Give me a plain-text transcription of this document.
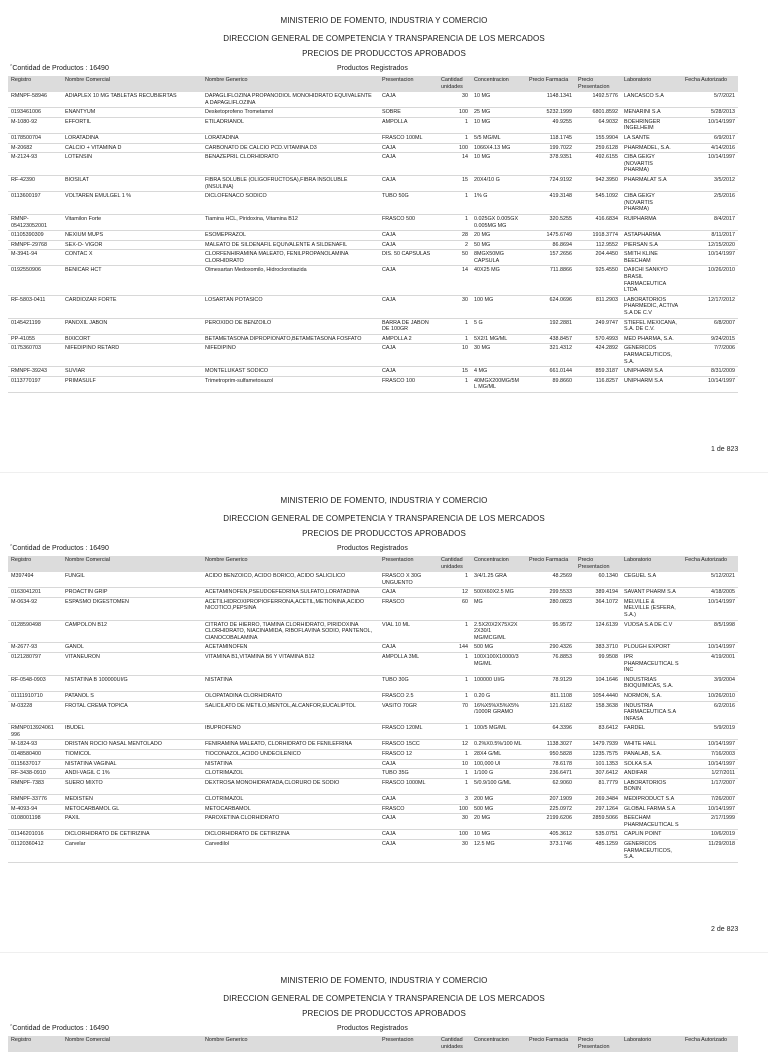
MINISTERIO DE FOMENTO, INDUSTRIA Y COMERCIO
DIRECCION GENERAL DE COMPETENCIA Y TRANSPARENCIA DE LOS MERCADOS
PRECIOS DE PRODUCCTOS APROBADOS
ˆContidad de Productos : 16490	Productos Registrados
Registro	Nombre Comercial	Nombre Generico	Presentacion	Cantidad unidades	Concentracion	Precio Farmacia	Precio Presentacion	Laboratorio	Fecha Autorizado
RMNPF-58946	ADIAPLEX 10 MG TABLETAS RECUBIERTAS	DAPAGLIFLOZINA PROPANODIOL MONOHIDRATO EQUIVALENTE A DAPAGLIFLOZINA	CAJA	30	10 MG	1148.1341	1492.5776	LANCASCO S.A	5/7/2021
0193461006	ENANTYUM	Desketoprofeno Trometamol	SOBRE	100	25 MG	5232.1999	6801.8592	MENARINI S.A	5/28/2013
M-1080-92	EFFORTIL	ETILADRIANOL	AMPOLLA	1	10 MG	49.9255	64.9032	BOEHRINGER INGELHEIM	10/14/1997
0178500704	LORATADINA	LORATADINA	FRASCO 100ML	1	5/5 MG/ML	118.1745	155.9904	LA SANTE	6/9/2017
M-20682	CALCIO + VITAMINA D	CARBONATO DE CALCIO PCD.VITAMINA D3	CAJA	100	1066X4.13 MG	199.7022	259.6128	PHARMADEL, S.A.	4/14/2016
M-2124-93	LOTENSIN	BENAZEPRIL CLORHIDRATO	CAJA	14	10 MG	378.9351	492.6155	CIBA GEIGY (NOVARTIS PHARMA)	10/14/1997
RF-42390	BIOSILAT	FIBRA SOLUBLE (OLIGOFRUCTOSA),FIBRA INSOLUBLE (INSULINA)	CAJA	15	20X4/10 G	724.9192	942.3950	PHARMALAT S.A	3/5/2012
0113600197	VOLTAREN EMULGEL 1 %	DICLOFENACO SODICO	TUBO 50G	1	1% G	419.3148	545.1092	CIBA GEIGY (NOVARTIS PHARMA)	2/5/2016
RMNP-054123052001	Vitamilon Forte	Tiamina HCL, Piridoxina, Vitamina B12	FRASCO 500	1	0.025GX 0.005GX 0.005MG MG	320.5255	416.6834	RUIPHARMA	8/4/2017
01105390309	NEXIUM MUPS	ESOMEPRAZOL	CAJA	28	20 MG	1475.6749	1918.3774	ASTAPHARMA	8/11/2017
RMNPF-29768	SEX-O- VIGOR	MALEATO DE SILDENAFIL EQUIVALENTE A SILDENAFIL	CAJA	2	50 MG	86.8694	112.9552	PIERSAN S.A	12/15/2020
M-3941-94	CONTAC X	CLORFENHIRAMINA MALEATO, FENILPROPANOLAMINA CLORHIDRATO	DIS. 50 CAPSULAS	50	8MGX50MG CAPSULA	157.2656	204.4450	SMITH KLINE BEECHAM	10/14/1997
0192550906	BENICAR HCT	Olmesartan Medoxomilo, Hidroclorotiazida	CAJA	14	40X25 MG	711.8866	925.4550	DAIICHI SANKYO BRASIL FARMACEUTICA LTDA	10/26/2010
RF-5803-0411	CARDIOZAR FORTE	LOSARTAN POTASICO	CAJA	30	100 MG	624.0696	811.2903	LABORATORIOS PHARMEDIC, ACTIVA S.A DE C.V	12/17/2012
0145421199	PANOXIL JABON	PEROXIDO DE BENZOILO	BARRA DE JABON DE 100GR	1	5 G	192.2881	249.9747	STIEFEL MEXICANA, S.A. DE C.V.	6/8/2007
PP-41055	BIXICORT	BETAMETASONA DIPROPIONATO,BETAMETASONA FOSFATO	AMPOLLA 2	1	5X2/1 MG/ML	438.8457	570.4993	MED PHARMA, S.A.	9/24/2015
0175360703	NIFEDIPINO RETARD	NIFEDIPINO	CAJA	10	30 MG	321.4312	424.2892	GENERICOS FARMACEUTICOS, S.A.	7/7/2006
RMNPF-39243	SUVIAR	MONTELUKAST SODICO	CAJA	15	4 MG	661.0144	859.3187	UNIPHARM S.A	8/31/2009
0113770197	PRIMASULF	Trimetroprim-sulfametoxazol	FRASCO 100	1	40MGX200MG/5M L MG/ML	89.8660	116.8257	UNIPHARM S.A	10/14/1997
1 de 823
MINISTERIO DE FOMENTO, INDUSTRIA Y COMERCIO
DIRECCION GENERAL DE COMPETENCIA Y TRANSPARENCIA DE LOS MERCADOS
PRECIOS DE PRODUCCTOS APROBADOS
ˆContidad de Productos : 16490	Productos Registrados
Registro	Nombre Comercial	Nombre Generico	Presentacion	Cantidad unidades	Concentracion	Precio Farmacia	Precio Presentacion	Laboratorio	Fecha Autorizado
M397494	FUNGIL	ACIDO BENZOICO, ACIDO BORICO, ACIDO SALICILICO	FRASCO X 30G UNGUENTO	1	3/4/1.25 GRA	48.2569	60.1340	CEGUEL S.A	5/12/2021
0163041201	PROACTIN GRIP	ACETAMINOFEN,PSEUDOEFEDRINA SULFATO,LORATADINA	CAJA	12	500X60X2.5 MG	299.5533	389.4194	SAVANT PHARM S.A	4/18/2005
M-0634-92	ESPASMO DIGESTOMEN	ACETILHIDROXIPROPIOFERRONA,ACETIL,METIONINA,ACIDO NICOTICO,PEPSINA	FRASCO	60	MG	280.0823	364.1072	MELVILLE & MELVILLE (ESFERA, S.A.)	10/14/1997
0128590498	CAMPOLON B12	CITRATO DE HIERRO, TIAMINA CLORHIDRATO, PIRIDOXINA CLORHIDRATO, NIACINAMIDA, RIBOFLAVINA SODIO, PANTENOL, CIANOCOBALAMINA	VIAL 10 ML	1	2.5X20X2X75X2X 2X30/1 MG/MCG/ML	95.9572	124.6139	VIJOSA S.A DE C.V	8/5/1998
M-2677-93	GANOL	ACETAMINOFEN	CAJA	144	500 MG	290.4326	383.3710	PLOUGH EXPORT	10/14/1997
0121280797	VITANEURON	VITAMINA B1,VITAMINA B6 Y VITAMINA B12	AMPOLLA 3ML	1	100X100X10000/3 MG/ML	76.8853	99.9508	IPR PHARMACEUTICAL S INC	4/19/2001
RF-0548-0903	NISTATINA B 100000UI/G	NISTATINA	TUBO 30G	1	100000 UI/G	78.9129	104.1646	INDUSTRIAS BIOQUIMICAS, S.A.	3/9/2004
01111910710	PATANOL S	OLOPATADINA CLORHIDRATO	FRASCO 2.5	1	0.20 G	811.1108	1054.4440	NORMON, S.A.	10/26/2010
M-03228	FROTAL CREMA TOPICA	SALICILATO DE METILO,MENTOL,ALCANFOR,EUCALIPTOL	VASITO 70GR	70	16%X5%X5%X5% /1000R GRAMO	121.6182	158.3638	INDUSTRIA FARMACEUTICA S.A INFASA	6/2/2016
RMNP013924061 996	IBUDEL	IBUPROFENO	FRASCO 120ML	1	100/5 MG/ML	64.3396	83.6412	FARDEL	5/9/2019
M-1824-93	DRISTAN ROCIO NASAL MENTOLADO	FENIRAMINA MALEATO, CLORHIDRATO DE FENILEFRINA	FRASCO 15CC	12	0.2%X0.5%/100 ML	1138.3027	1479.7939	WHITE HALL	10/14/1997
0148580400	TIOMICOL	TIOCONAZOL,ACIDO UNDECILENICO	FRASCO 12	1	28X4 G/ML	950.5828	1235.7575	PANALAB, S.A.	7/16/2003
0115637017	NISTATINA VAGINAL	NISTATINA	CAJA	10	100,000 UI	78.6178	101.1353	SOLKA S.A	10/14/1997
RF-3438-0910	ANDI-VAGIL C 1%	CLOTRIMAZOL	TUBO 35G	1	1/100 G	236.6471	307.6412	ANDIFAR	1/27/2011
RMNPF-7383	SUERO MIXTO	DEXTROSA MONOHIDRATADA,CLORURO DE SODIO	FRASCO 1000ML	1	5/0.9/100 G/ML	62.9060	81.7779	LABORATORIOS BONIN	1/17/2007
RMNPF-33776	MEDISTEN	CLOTRIMAZOL	CAJA	3	200 MG	207.1909	269.3484	MEDIPRODUCT S.A	7/26/2007
M-4093-94	METOCARBAMOL GL	METOCARBAMOL	FRASCO	100	500 MG	225.0972	297.1264	GLOBAL FARMA S.A	10/14/1997
0108001198	PAXIL	PAROXETINA CLORHIDRATO	CAJA	30	20 MG	2199.6206	2859.5066	BEECHAM PHARMACEUTICAL S	2/17/1999
01146201016	DICLORHIDRATO DE CETIRIZINA	DICLORHIDRATO DE CETIRIZINA	CAJA	100	10 MG	405.3612	535.0751	CAPLIN POINT	10/6/2019
01120360412	Carvelar	Carvedilol	CAJA	30	12.5 MG	373.1746	485.1259	GENERICOS FARMACEUTICOS, S.A.	11/29/2018
2 de 823
MINISTERIO DE FOMENTO, INDUSTRIA Y COMERCIO
DIRECCION GENERAL DE COMPETENCIA Y TRANSPARENCIA DE LOS MERCADOS
PRECIOS DE PRODUCCTOS APROBADOS
ˆContidad de Productos : 16490	Productos Registrados
Registro	Nombre Comercial	Nombre Generico	Presentacion	Cantidad unidades	Concentracion	Precio Farmacia	Precio Presentacion	Laboratorio	Fecha Autorizado
